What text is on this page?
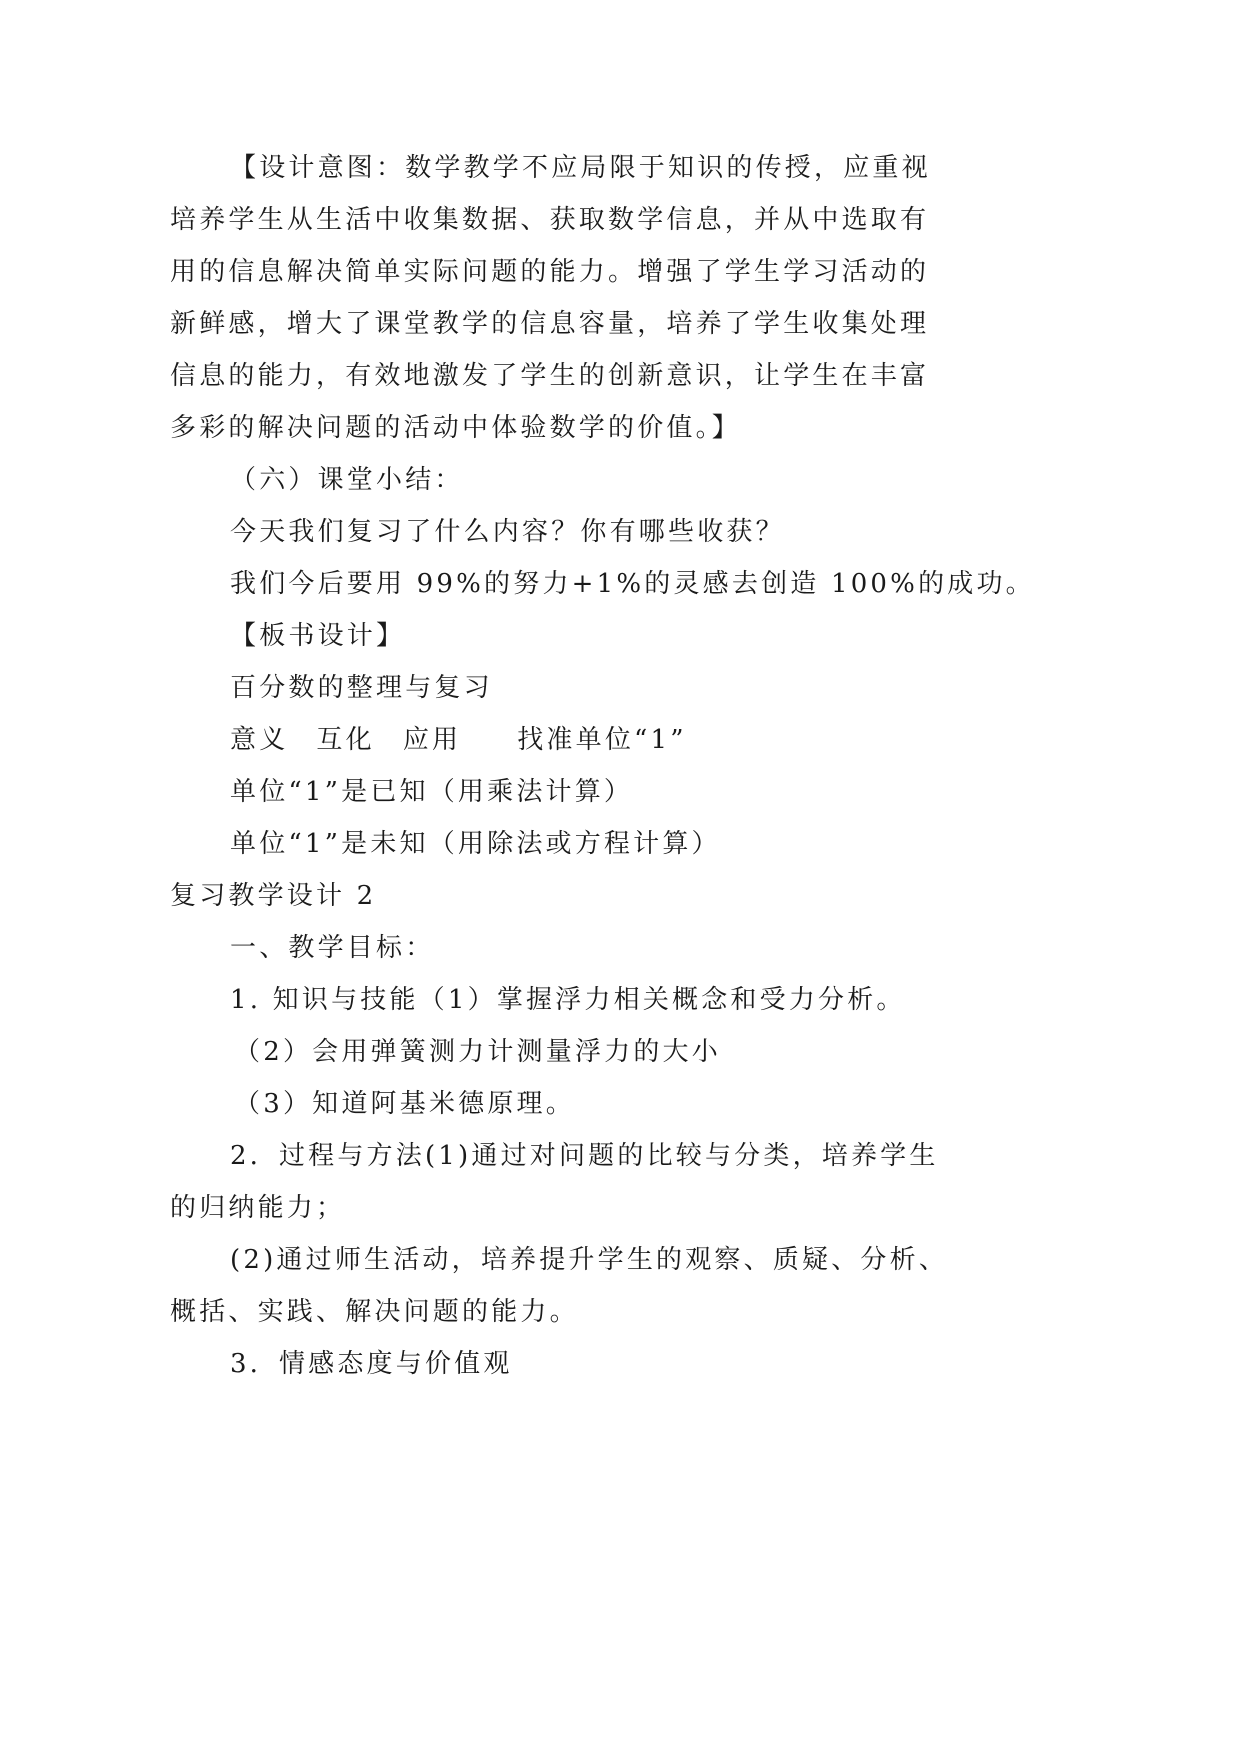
【设计意图：数学教学不应局限于知识的传授，应重视
培养学生从生活中收集数据、获取数学信息，并从中选取有
用的信息解决简单实际问题的能力。增强了学生学习活动的
新鲜感，增大了课堂教学的信息容量，培养了学生收集处理
信息的能力，有效地激发了学生的创新意识，让学生在丰富
多彩的解决问题的活动中体验数学的价值。】
（六）课堂小结：
今天我们复习了什么内容？你有哪些收获？
我们今后要用 99%的努力+1%的灵感去创造 100%的成功。
【板书设计】
百分数的整理与复习
意义 互化 应用 找准单位“1”
单位“1”是已知（用乘法计算）
单位“1”是未知（用除法或方程计算）
复习教学设计 2
一、教学目标：
1. 知识与技能（1）掌握浮力相关概念和受力分析。
（2）会用弹簧测力计测量浮力的大小
（3）知道阿基米德原理。
2．过程与方法(1)通过对问题的比较与分类，培养学生
的归纳能力；
(2)通过师生活动，培养提升学生的观察、质疑、分析、
概括、实践、解决问题的能力。
3．情感态度与价值观
